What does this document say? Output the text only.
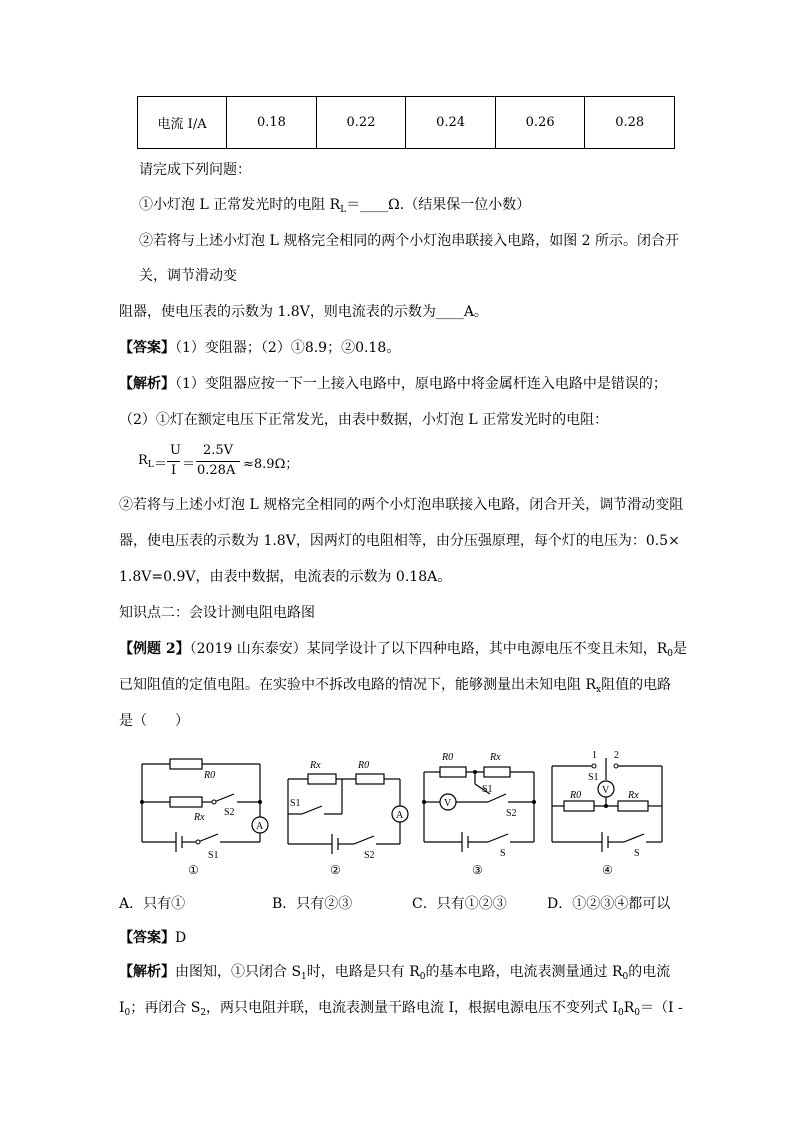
电流 I/A	0.18	0.22	0.24	0.26	0.28
请完成下列问题：
①小灯泡 L 正常发光时的电阻 $R_L=\_\_\_\_\Omega$.（结果保一位小数）
②若将与上述小灯泡 L 规格完全相同的两个小灯泡串联接入电路，如图 2 所示。闭合开
关，调节滑动变
阻器，使电压表的示数为 1.8V，则电流表的示数为____A。
【答案】（1）变阻器；（2）①8.9；②0.18。
【解析】（1）变阻器应按一下一上接入电路中，原电路中将金属杆连入电路中是错误的；
（2）①灯在额定电压下正常发光，由表中数据，小灯泡 L 正常发光时的电阻：
$R_L$ ＝
U
I ＝
2.5V
0.28A ≈8.9Ω；
②若将与上述小灯泡 L 规格完全相同的两个小灯泡串联接入电路，闭合开关，调节滑动变阻
器，使电压表的示数为 1.8V，因两灯的电阻相等，由分压强原理，每个灯的电压为：0.5×
1.8V=0.9V，由表中数据，电流表的示数为 0.18A。
知识点二：会设计测电阻电路图
【例题 2】（2019 山东泰安）某同学设计了以下四种电路，其中电源电压不变且未知，$R_0$是
已知阻值的定值电阻。在实验中不拆改电路的情况下，能够测量出未知电阻 $R_x$阻值的电路
是（　　）
R0
Rx S2
S1
A
①
Rx	R0
S1
S2
A
②
R0	Rx
S1
S2
S
V
③
1 2
S1
R0	Rx
S
V
④
A．只有①	B．只有②③	C．只有①②③	D．①②③④都可以
【答案】D
【解析】由图知，①只闭合 $S_1$时，电路是只有 $R_0$的基本电路，电流表测量通过 $R_0$的电流
$I_0$；再闭合 $S_2$，两只电阻并联，电流表测量干路电流 I，根据电源电压不变列式 $I_0R_0=(I$ -
